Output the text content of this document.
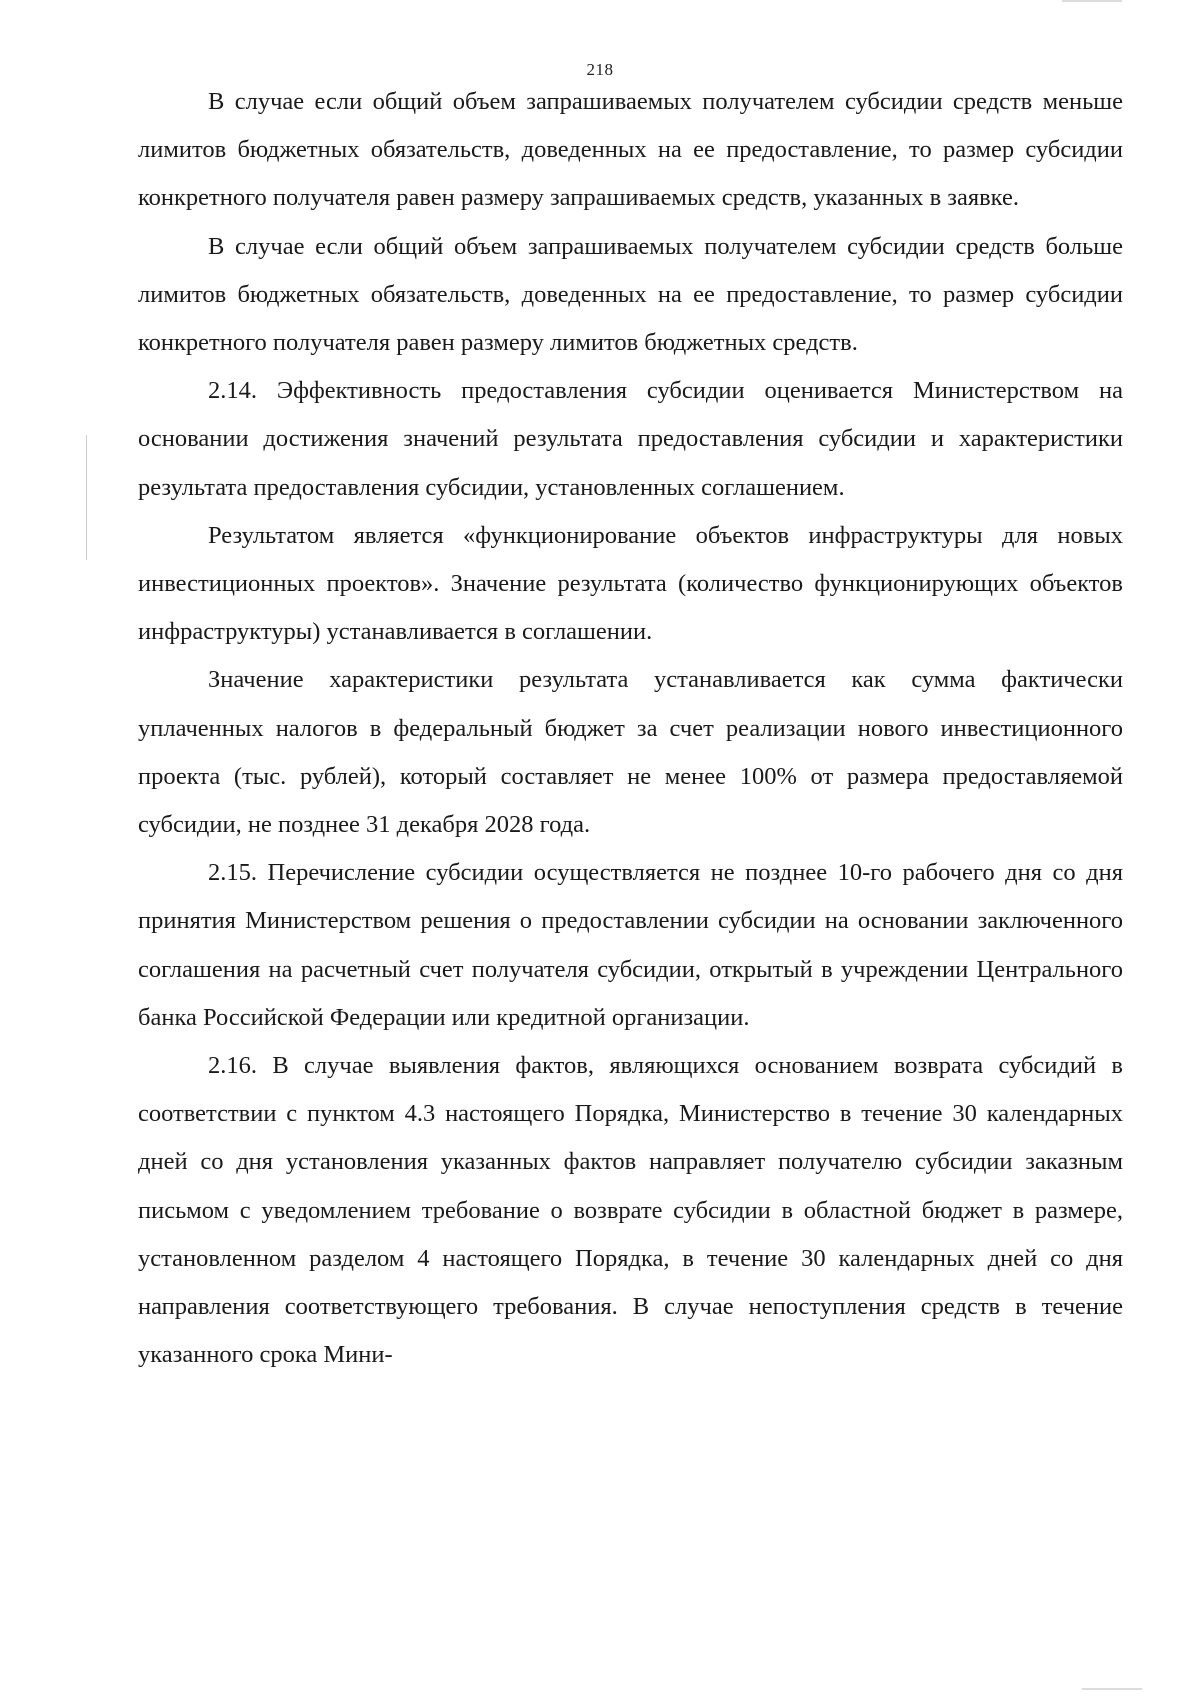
218

В случае если общий объем запрашиваемых получателем субсидии средств меньше лимитов бюджетных обязательств, доведенных на ее предоставление, то размер субсидии конкретного получателя равен размеру запрашиваемых средств, указанных в заявке.

В случае если общий объем запрашиваемых получателем субсидии средств больше лимитов бюджетных обязательств, доведенных на ее предоставление, то размер субсидии конкретного получателя равен размеру лимитов бюджетных средств.

2.14. Эффективность предоставления субсидии оценивается Министерством на основании достижения значений результата предоставления субсидии и характеристики результата предоставления субсидии, установленных соглашением.

Результатом является «функционирование объектов инфраструктуры для новых инвестиционных проектов». Значение результата (количество функционирующих объектов инфраструктуры) устанавливается в соглашении.

Значение характеристики результата устанавливается как сумма фактически уплаченных налогов в федеральный бюджет за счет реализации нового инвестиционного проекта (тыс. рублей), который составляет не менее 100% от размера предоставляемой субсидии, не позднее 31 декабря 2028 года.

2.15. Перечисление субсидии осуществляется не позднее 10-го рабочего дня со дня принятия Министерством решения о предоставлении субсидии на основании заключенного соглашения на расчетный счет получателя субсидии, открытый в учреждении Центрального банка Российской Федерации или кредитной организации.

2.16. В случае выявления фактов, являющихся основанием возврата субсидий в соответствии с пунктом 4.3 настоящего Порядка, Министерство в течение 30 календарных дней со дня установления указанных фактов направляет получателю субсидии заказным письмом с уведомлением требование о возврате субсидии в областной бюджет в размере, установленном разделом 4 настоящего Порядка, в течение 30 календарных дней со дня направления соответствующего требования. В случае непоступления средств в течение указанного срока Мини-
